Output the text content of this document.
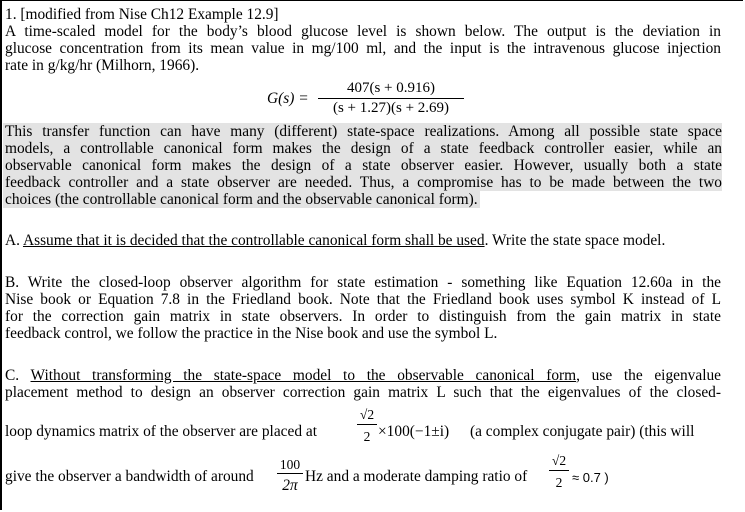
1. [modified from Nise Ch12 Example 12.9]
A time-scaled model for the body’s blood glucose level is shown below. The output is the deviation in
glucose concentration from its mean value in mg/100 ml, and the input is the intravenous glucose injection
rate in g/kg/hr (Milhorn, 1966).
G(s) =
407(s + 0.916)
(s + 1.27)(s + 2.69)
This transfer function can have many (different) state-space realizations. Among all possible state space
models, a controllable canonical form makes the design of a state feedback controller easier, while an
observable canonical form makes the design of a state observer easier. However, usually both a state
feedback controller and a state observer are needed. Thus, a compromise has to be made between the two
choices (the controllable canonical form and the observable canonical form).
A. Assume that it is decided that the controllable canonical form shall be used. Write the state space model.
B. Write the closed-loop observer algorithm for state estimation - something like Equation 12.60a in the
Nise book or Equation 7.8 in the Friedland book. Note that the Friedland book uses symbol K instead of L
for the correction gain matrix in state observers. In order to distinguish from the gain matrix in state
feedback control, we follow the practice in the Nise book and use the symbol L.
C. Without transforming the state-space model to the observable canonical form, use the eigenvalue
placement method to design an observer correction gain matrix L such that the eigenvalues of the closed-
loop dynamics matrix of the observer are placed at
√2
2 ×100(−1±i) (a complex conjugate pair) (this will
give the observer a bandwidth of around
100
2π
Hz and a moderate damping ratio of
√2
2 ≈ 0.7 )
